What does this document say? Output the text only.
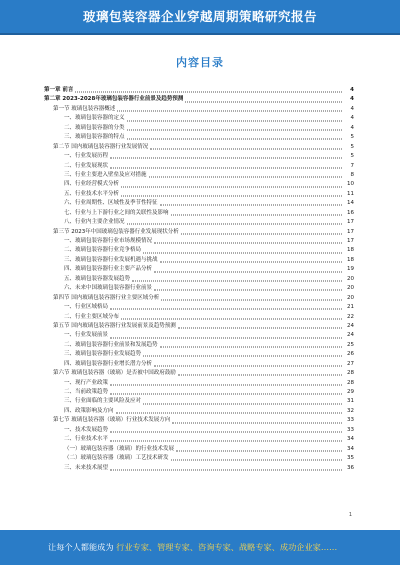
玻璃包装容器企业穿越周期策略研究报告
内容目录
第一章 前言	4
第二章 2023-2028年玻璃包装容器行业前景及趋势预测	4
第一节 玻璃包装容器概述	4
一、玻璃包装容器的定义	4
二、玻璃包装容器的分类	4
三、玻璃包装容器的特点	5
第二节 国内玻璃包装容器行业发展情况	5
一、行业发展历程	5
二、行业发展现状	7
三、行业主要进入壁垒及应对措施	8
四、行业经营模式分析	10
五、行业技术水平分析	11
六、行业周期性、区域性及季节性特征	14
七、行业与上下游行业之间的关联性及影响	16
八、行业内主要企业情况	17
第三节 2023年中国玻璃包装容器行业发展现状分析	17
一、玻璃包装容器行业市场规模情况	17
二、玻璃包装容器行业竞争格局	18
三、玻璃包装容器行业发展机遇与挑战	18
四、玻璃包装容器行业主要产品分析	19
五、玻璃包装容器发展趋势	20
六、未来中国玻璃包装容器行业前景	20
第四节 国内玻璃包装容器行业主要区域分析	20
一、行业区域格局	21
二、行业主要区域分布	22
第五节 国内玻璃包装容器行业发展前景及趋势预测	24
一、行业发展前景	24
二、玻璃包装容器行业前景和发展趋势	25
三、玻璃包装容器行业发展趋势	26
四、玻璃包装容器行业增长潜力分析	27
第六节 玻璃包装容器（玻璃）是否被中国政府鼓励	28
一、现行产业政策	28
二、当前政策趋势	29
三、行业面临的主要风险及应对	31
四、政策影响及方向	32
第七节 玻璃包装容器（玻璃）行业技术发展方向	33
一、技术发展趋势	33
二、行业技术水平	34
（一）玻璃包装容器（玻璃）的行业技术发展	34
（二）玻璃包装容器（玻璃）工艺技术研发	35
三、未来技术展望	36
1
让每个人都能成为 行业专家、管理专家、咨询专家、战略专家、成功企业家……
